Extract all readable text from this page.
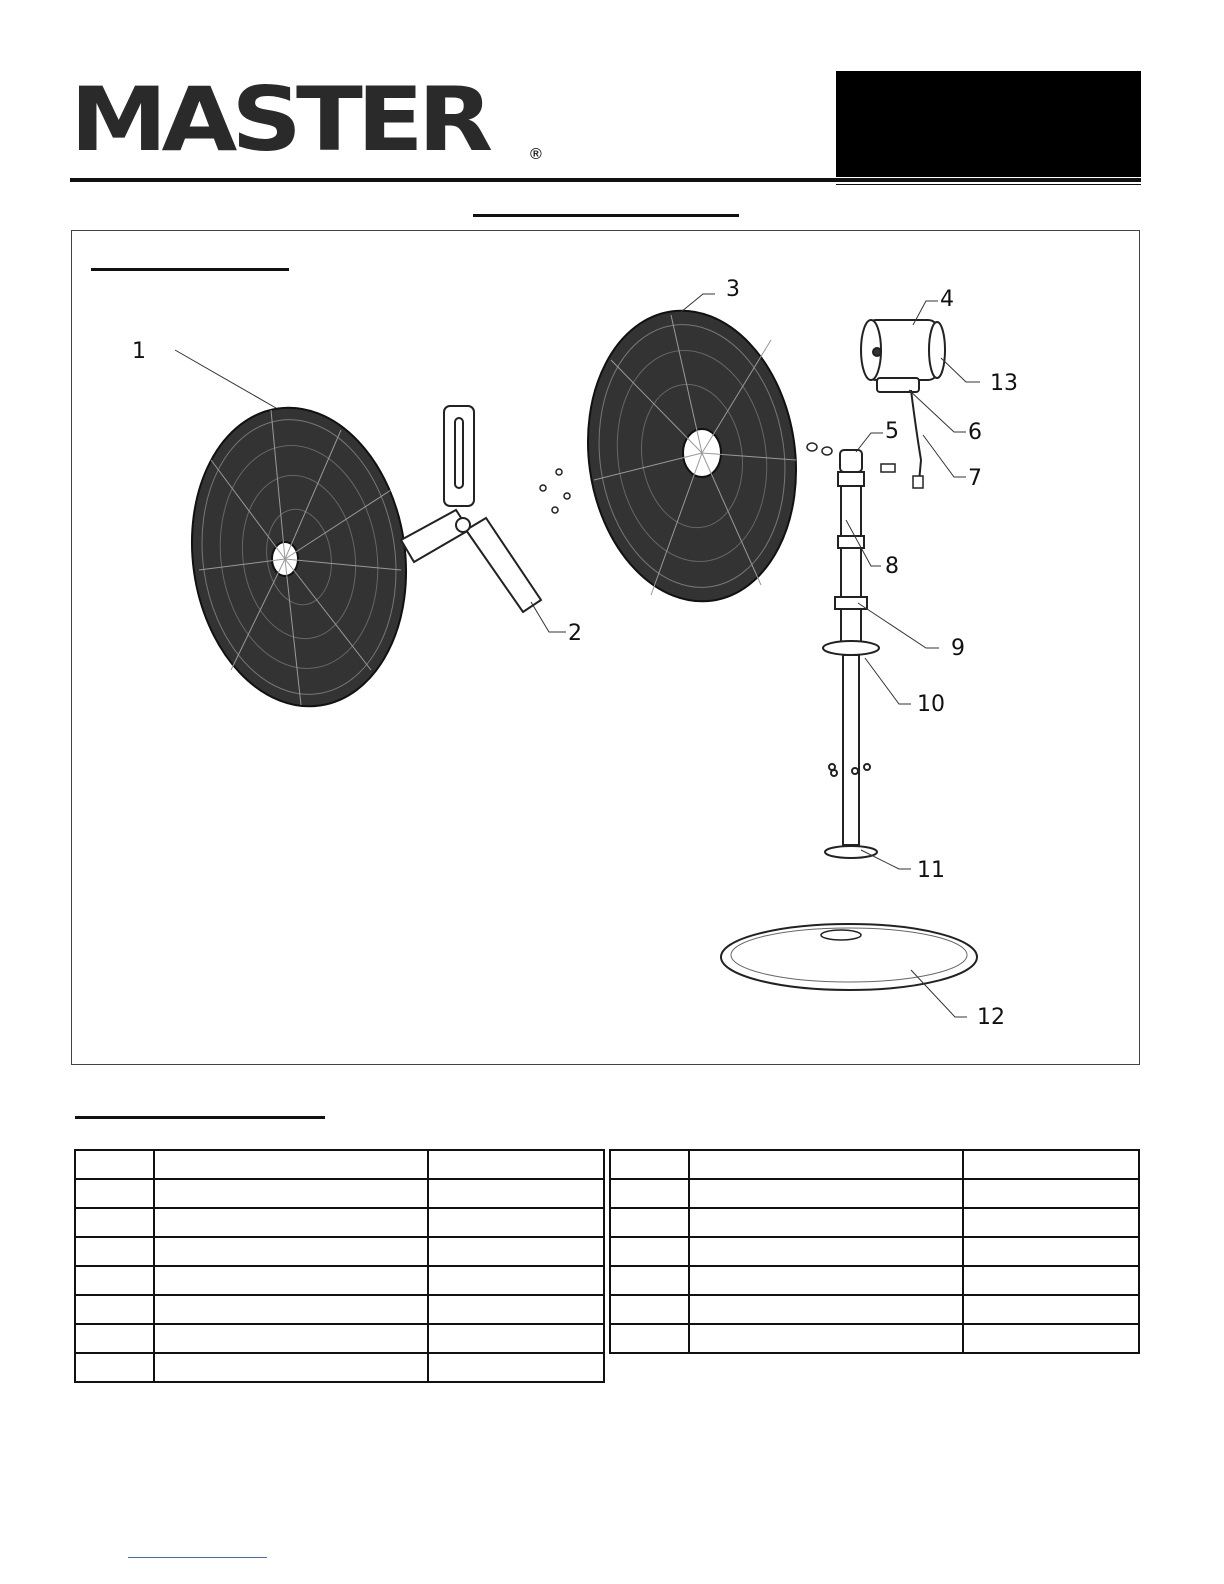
MASTER	®
1
2
3	4
5	6
7
8
9
10
11
12
13
